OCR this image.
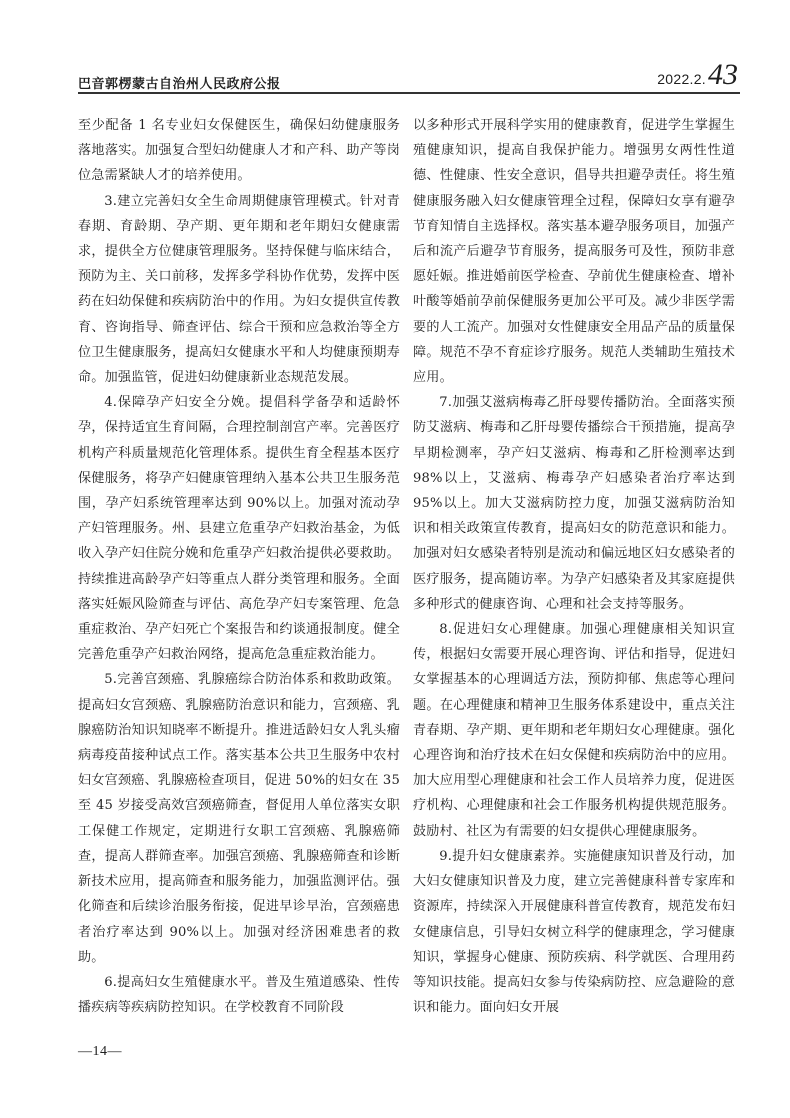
巴音郭楞蒙古自治州人民政府公报	2022.2.43

至少配备 1 名专业妇女保健医生，确保妇幼健康服务落地落实。加强复合型妇幼健康人才和产科、助产等岗位急需紧缺人才的培养使用。

3.建立完善妇女全生命周期健康管理模式。针对青春期、育龄期、孕产期、更年期和老年期妇女健康需求，提供全方位健康管理服务。坚持保健与临床结合，预防为主、关口前移，发挥多学科协作优势，发挥中医药在妇幼保健和疾病防治中的作用。为妇女提供宣传教育、咨询指导、筛查评估、综合干预和应急救治等全方位卫生健康服务，提高妇女健康水平和人均健康预期寿命。加强监管，促进妇幼健康新业态规范发展。

4.保障孕产妇安全分娩。提倡科学备孕和适龄怀孕，保持适宜生育间隔，合理控制剖宫产率。完善医疗机构产科质量规范化管理体系。提供生育全程基本医疗保健服务，将孕产妇健康管理纳入基本公共卫生服务范围，孕产妇系统管理率达到 90%以上。加强对流动孕产妇管理服务。州、县建立危重孕产妇救治基金，为低收入孕产妇住院分娩和危重孕产妇救治提供必要救助。持续推进高龄孕产妇等重点人群分类管理和服务。全面落实妊娠风险筛查与评估、高危孕产妇专案管理、危急重症救治、孕产妇死亡个案报告和约谈通报制度。健全完善危重孕产妇救治网络，提高危急重症救治能力。

5.完善宫颈癌、乳腺癌综合防治体系和救助政策。提高妇女宫颈癌、乳腺癌防治意识和能力，宫颈癌、乳腺癌防治知识知晓率不断提升。推进适龄妇女人乳头瘤病毒疫苗接种试点工作。落实基本公共卫生服务中农村妇女宫颈癌、乳腺癌检查项目，促进 50%的妇女在 35 至 45 岁接受高效宫颈癌筛查，督促用人单位落实女职工保健工作规定，定期进行女职工宫颈癌、乳腺癌筛查，提高人群筛查率。加强宫颈癌、乳腺癌筛查和诊断新技术应用，提高筛查和服务能力，加强监测评估。强化筛查和后续诊治服务衔接，促进早诊早治，宫颈癌患者治疗率达到 90%以上。加强对经济困难患者的救助。

6.提高妇女生殖健康水平。普及生殖道感染、性传播疾病等疾病防控知识。在学校教育不同阶段

以多种形式开展科学实用的健康教育，促进学生掌握生殖健康知识，提高自我保护能力。增强男女两性性道德、性健康、性安全意识，倡导共担避孕责任。将生殖健康服务融入妇女健康管理全过程，保障妇女享有避孕节育知情自主选择权。落实基本避孕服务项目，加强产后和流产后避孕节育服务，提高服务可及性，预防非意愿妊娠。推进婚前医学检查、孕前优生健康检查、增补叶酸等婚前孕前保健服务更加公平可及。减少非医学需要的人工流产。加强对女性健康安全用品产品的质量保障。规范不孕不育症诊疗服务。规范人类辅助生殖技术应用。

7.加强艾滋病梅毒乙肝母婴传播防治。全面落实预防艾滋病、梅毒和乙肝母婴传播综合干预措施，提高孕早期检测率，孕产妇艾滋病、梅毒和乙肝检测率达到 98%以上，艾滋病、梅毒孕产妇感染者治疗率达到 95%以上。加大艾滋病防控力度，加强艾滋病防治知识和相关政策宣传教育，提高妇女的防范意识和能力。加强对妇女感染者特别是流动和偏远地区妇女感染者的医疗服务，提高随访率。为孕产妇感染者及其家庭提供多种形式的健康咨询、心理和社会支持等服务。

8.促进妇女心理健康。加强心理健康相关知识宣传，根据妇女需要开展心理咨询、评估和指导，促进妇女掌握基本的心理调适方法，预防抑郁、焦虑等心理问题。在心理健康和精神卫生服务体系建设中，重点关注青春期、孕产期、更年期和老年期妇女心理健康。强化心理咨询和治疗技术在妇女保健和疾病防治中的应用。加大应用型心理健康和社会工作人员培养力度，促进医疗机构、心理健康和社会工作服务机构提供规范服务。鼓励村、社区为有需要的妇女提供心理健康服务。

9.提升妇女健康素养。实施健康知识普及行动，加大妇女健康知识普及力度，建立完善健康科普专家库和资源库，持续深入开展健康科普宣传教育，规范发布妇女健康信息，引导妇女树立科学的健康理念，学习健康知识，掌握身心健康、预防疾病、科学就医、合理用药等知识技能。提高妇女参与传染病防控、应急避险的意识和能力。面向妇女开展

—14—
